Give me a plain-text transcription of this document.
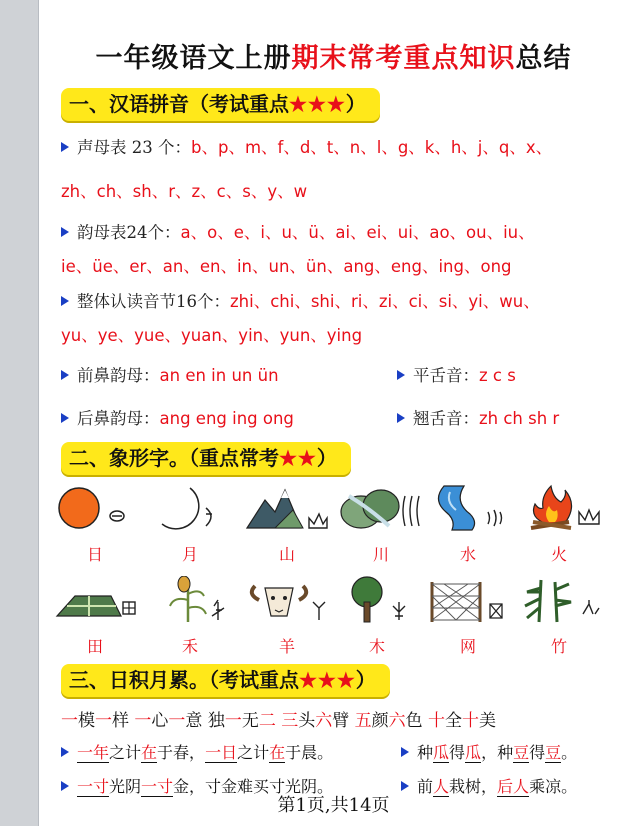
一年级语文上册期末常考重点知识总结
一、汉语拼音（考试重点★★★）
声母表 23 个：b、p、m、f、d、t、n、l、g、k、h、j、q、x、
zh、ch、sh、r、z、c、s、y、w
韵母表24个：a、o、e、i、u、ü、ai、ei、ui、ao、ou、iu、
ie、üe、er、an、en、in、un、ün、ang、eng、ing、ong
整体认读音节16个：zhi、chi、shi、ri、zi、ci、si、yi、wu、
yu、ye、yue、yuan、yin、yun、ying
前鼻韵母：an en in un ün	平舌音：z c s
后鼻韵母：ang eng ing ong	翘舌音：zh ch sh r
二、象形字。（重点常考★★）
日	月	山	川	水	火
田	禾	羊	木	网	竹
三、日积月累。（考试重点★★★）
一模一样 一心一意 独一无二 三头六臂 五颜六色 十全十美
一年之计在于春，一日之计在于晨。	种瓜得瓜，种豆得豆。
一寸光阴一寸金，寸金难买寸光阴。	前人栽树，后人乘凉。
第1页,共14页
